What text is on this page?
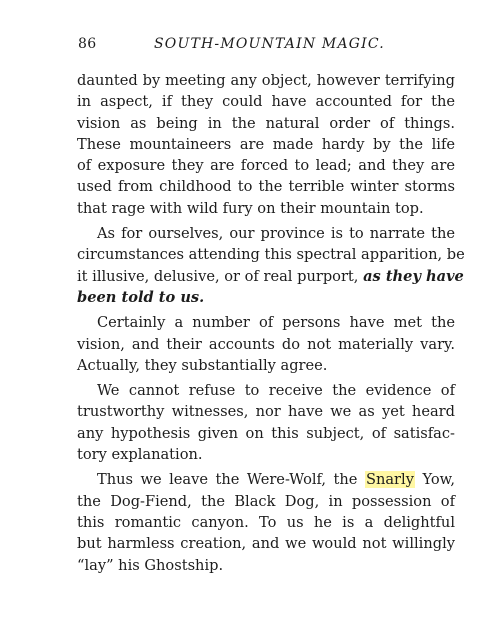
86	SOUTH-MOUNTAIN MAGIC.
daunted by meeting any object, however terrifying
in aspect, if they could have accounted for the
vision as being in the natural order of things.
These mountaineers are made hardy by the life
of exposure they are forced to lead; and they are
used from childhood to the terrible winter storms
that rage with wild fury on their mountain top.
As for ourselves, our province is to narrate the
circumstances attending this spectral apparition, be
it illusive, delusive, or of real purport, as they have
been told to us.
Certainly a number of persons have met the
vision, and their accounts do not materially vary.
Actually, they substantially agree.
We cannot refuse to receive the evidence of
trustworthy witnesses, nor have we as yet heard
any hypothesis given on this subject, of satisfac-
tory explanation.
Thus we leave the Were-Wolf, the Snarly Yow,
the Dog-Fiend, the Black Dog, in possession of
this romantic canyon. To us he is a delightful
but harmless creation, and we would not willingly
“lay” his Ghostship.
